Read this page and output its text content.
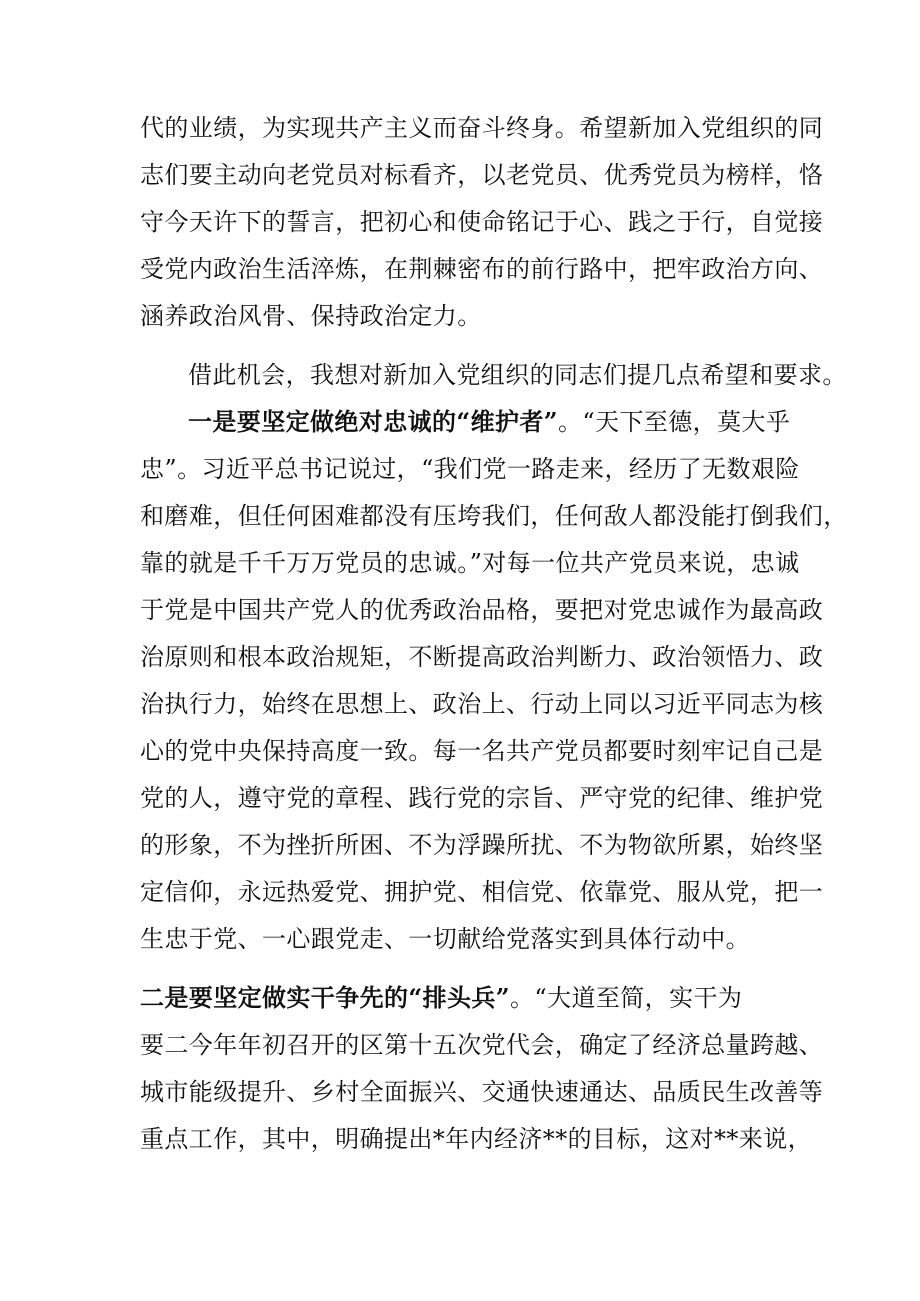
代的业绩，为实现共产主义而奋斗终身。希望新加入党组织的同
志们要主动向老党员对标看齐，以老党员、优秀党员为榜样，恪
守今天许下的誓言，把初心和使命铭记于心、践之于行，自觉接
受党内政治生活淬炼，在荆棘密布的前行路中，把牢政治方向、
涵养政治风骨、保持政治定力。
借此机会，我想对新加入党组织的同志们提几点希望和要求。
一是要坚定做绝对忠诚的“维护者”。“天下至德，莫大乎
忠”。习近平总书记说过，“我们党一路走来，经历了无数艰险
和磨难，但任何困难都没有压垮我们，任何敌人都没能打倒我们，
靠的就是千千万万党员的忠诚。”对每一位共产党员来说，忠诚
于党是中国共产党人的优秀政治品格，要把对党忠诚作为最高政
治原则和根本政治规矩，不断提高政治判断力、政治领悟力、政
治执行力，始终在思想上、政治上、行动上同以习近平同志为核
心的党中央保持高度一致。每一名共产党员都要时刻牢记自己是
党的人，遵守党的章程、践行党的宗旨、严守党的纪律、维护党
的形象，不为挫折所困、不为浮躁所扰、不为物欲所累，始终坚
定信仰，永远热爱党、拥护党、相信党、依靠党、服从党，把一
生忠于党、一心跟党走、一切献给党落实到具体行动中。
二是要坚定做实干争先的“排头兵”。“大道至简，实干为
要二今年年初召开的区第十五次党代会，确定了经济总量跨越、
城市能级提升、乡村全面振兴、交通快速通达、品质民生改善等
重点工作，其中，明确提出*年内经济**的目标，这对**来说，
